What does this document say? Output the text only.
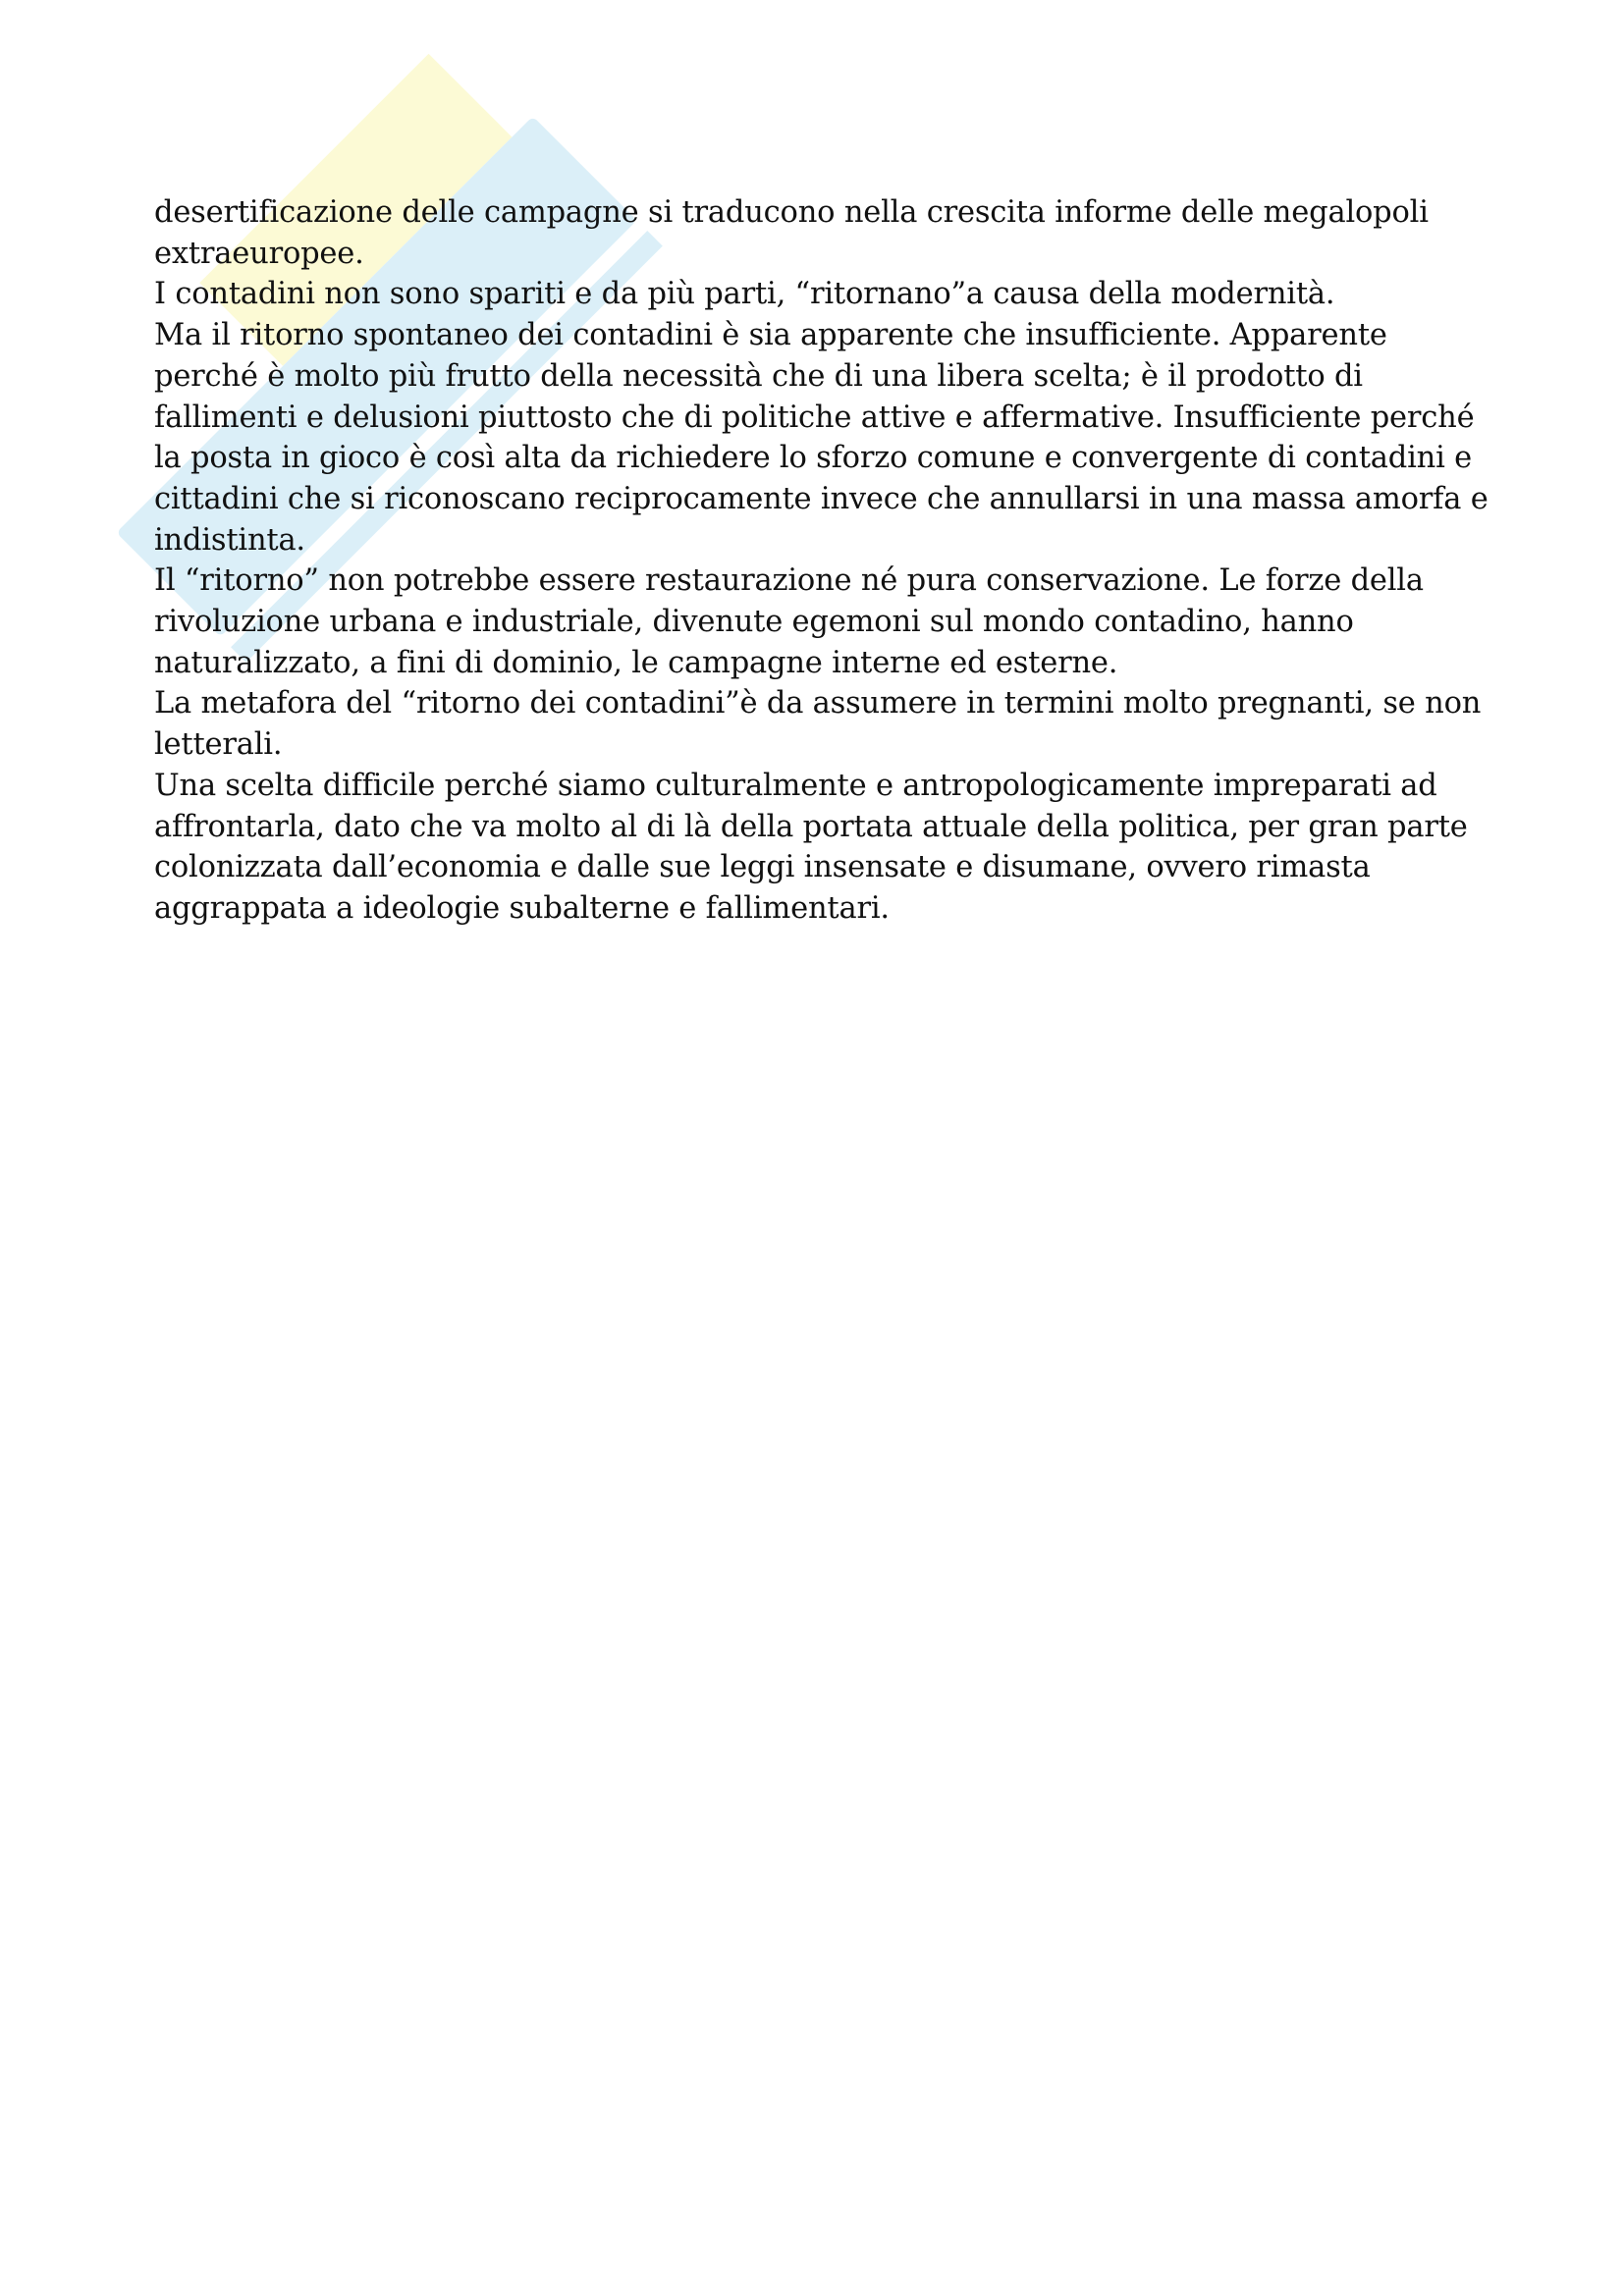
desertificazione delle campagne si traducono nella crescita informe delle megalopoli extraeuropee.

I contadini non sono spariti e da più parti, “ritornano”a causa della modernità.

Ma il ritorno spontaneo dei contadini è sia apparente che insufficiente. Apparente perché è molto più frutto della necessità che di una libera scelta; è il prodotto di fallimenti e delusioni piuttosto che di politiche attive e affermative. Insufficiente perché la posta in gioco è così alta da richiedere lo sforzo comune e convergente di contadini e cittadini che si riconoscano reciprocamente invece che annullarsi in una massa amorfa e indistinta.

Il “ritorno” non potrebbe essere restaurazione né pura conservazione. Le forze della rivoluzione urbana e industriale, divenute egemoni sul mondo contadino, hanno naturalizzato, a fini di dominio, le campagne interne ed esterne.

La metafora del “ritorno dei contadini”è da assumere in termini molto pregnanti, se non letterali.

Una scelta difficile perché siamo culturalmente e antropologicamente impreparati ad affrontarla, dato che va molto al di là della portata attuale della politica, per gran parte colonizzata dall’economia e dalle sue leggi insensate e disumane, ovvero rimasta aggrappata a ideologie subalterne e fallimentari.
